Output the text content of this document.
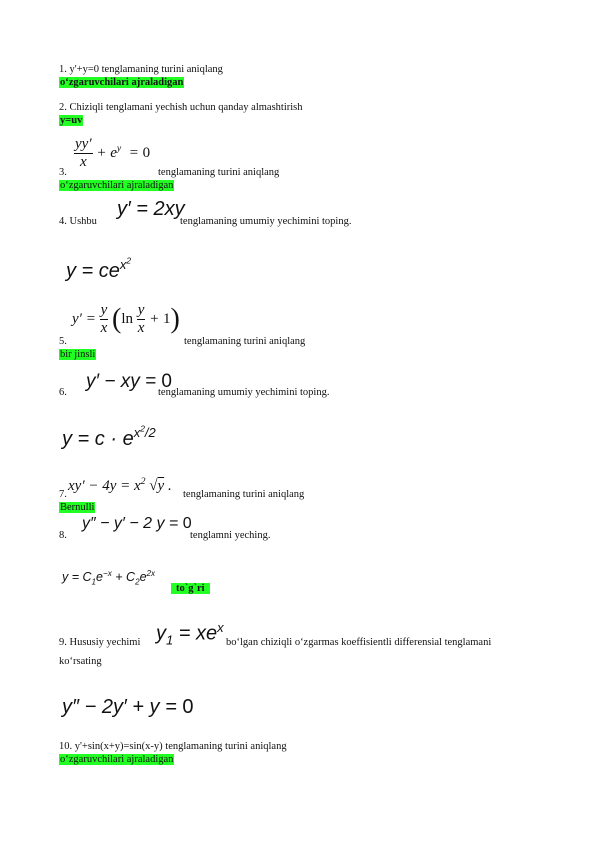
1. y'+y=0 tenglamaning turini aniqlang
o‘zgaruvchilari ajraladigan
2. Chiziqli tenglamani yechish uchun qanday almashtirish
y=uv
$\frac{yy'}{x} + e^y = 0$
3.	tenglamaning turini aniqlang
o‘zgaruvchilari ajraladigan
4. Ushbu
y′ = 2xy
tenglamaning umumiy yechimini toping.
$y = ce^{x^2}$
$y' = \frac{y}{x} (\ln \frac{y}{x} + 1)$
5.	tenglamaning turini aniqlang
bir jinsli
6.
y′ − xy = 0
tenglamaning umumiy yechimini toping.
$y = c \cdot e^{x^2/2}$
7.
$xy' - 4y = x^2$ √y .
tenglamaning turini aniqlang
Bernulli
8.
y″ − y′ − 2 y = 0
tenglamni yeching.
$y = C_1e^{-x} + C_2e^{2x}$
to`g`ri
9. Hususiy yechimi $y_1 = xe^x$
bo‘lgan chiziqli o‘zgarmas koeffisientli differensial tenglamani
ko‘rsating
y″ − 2y′ + y = 0
10. y'+sin(x+y)=sin(x-y) tenglamaning turini aniqlang
o‘zgaruvchilari ajraladigan
